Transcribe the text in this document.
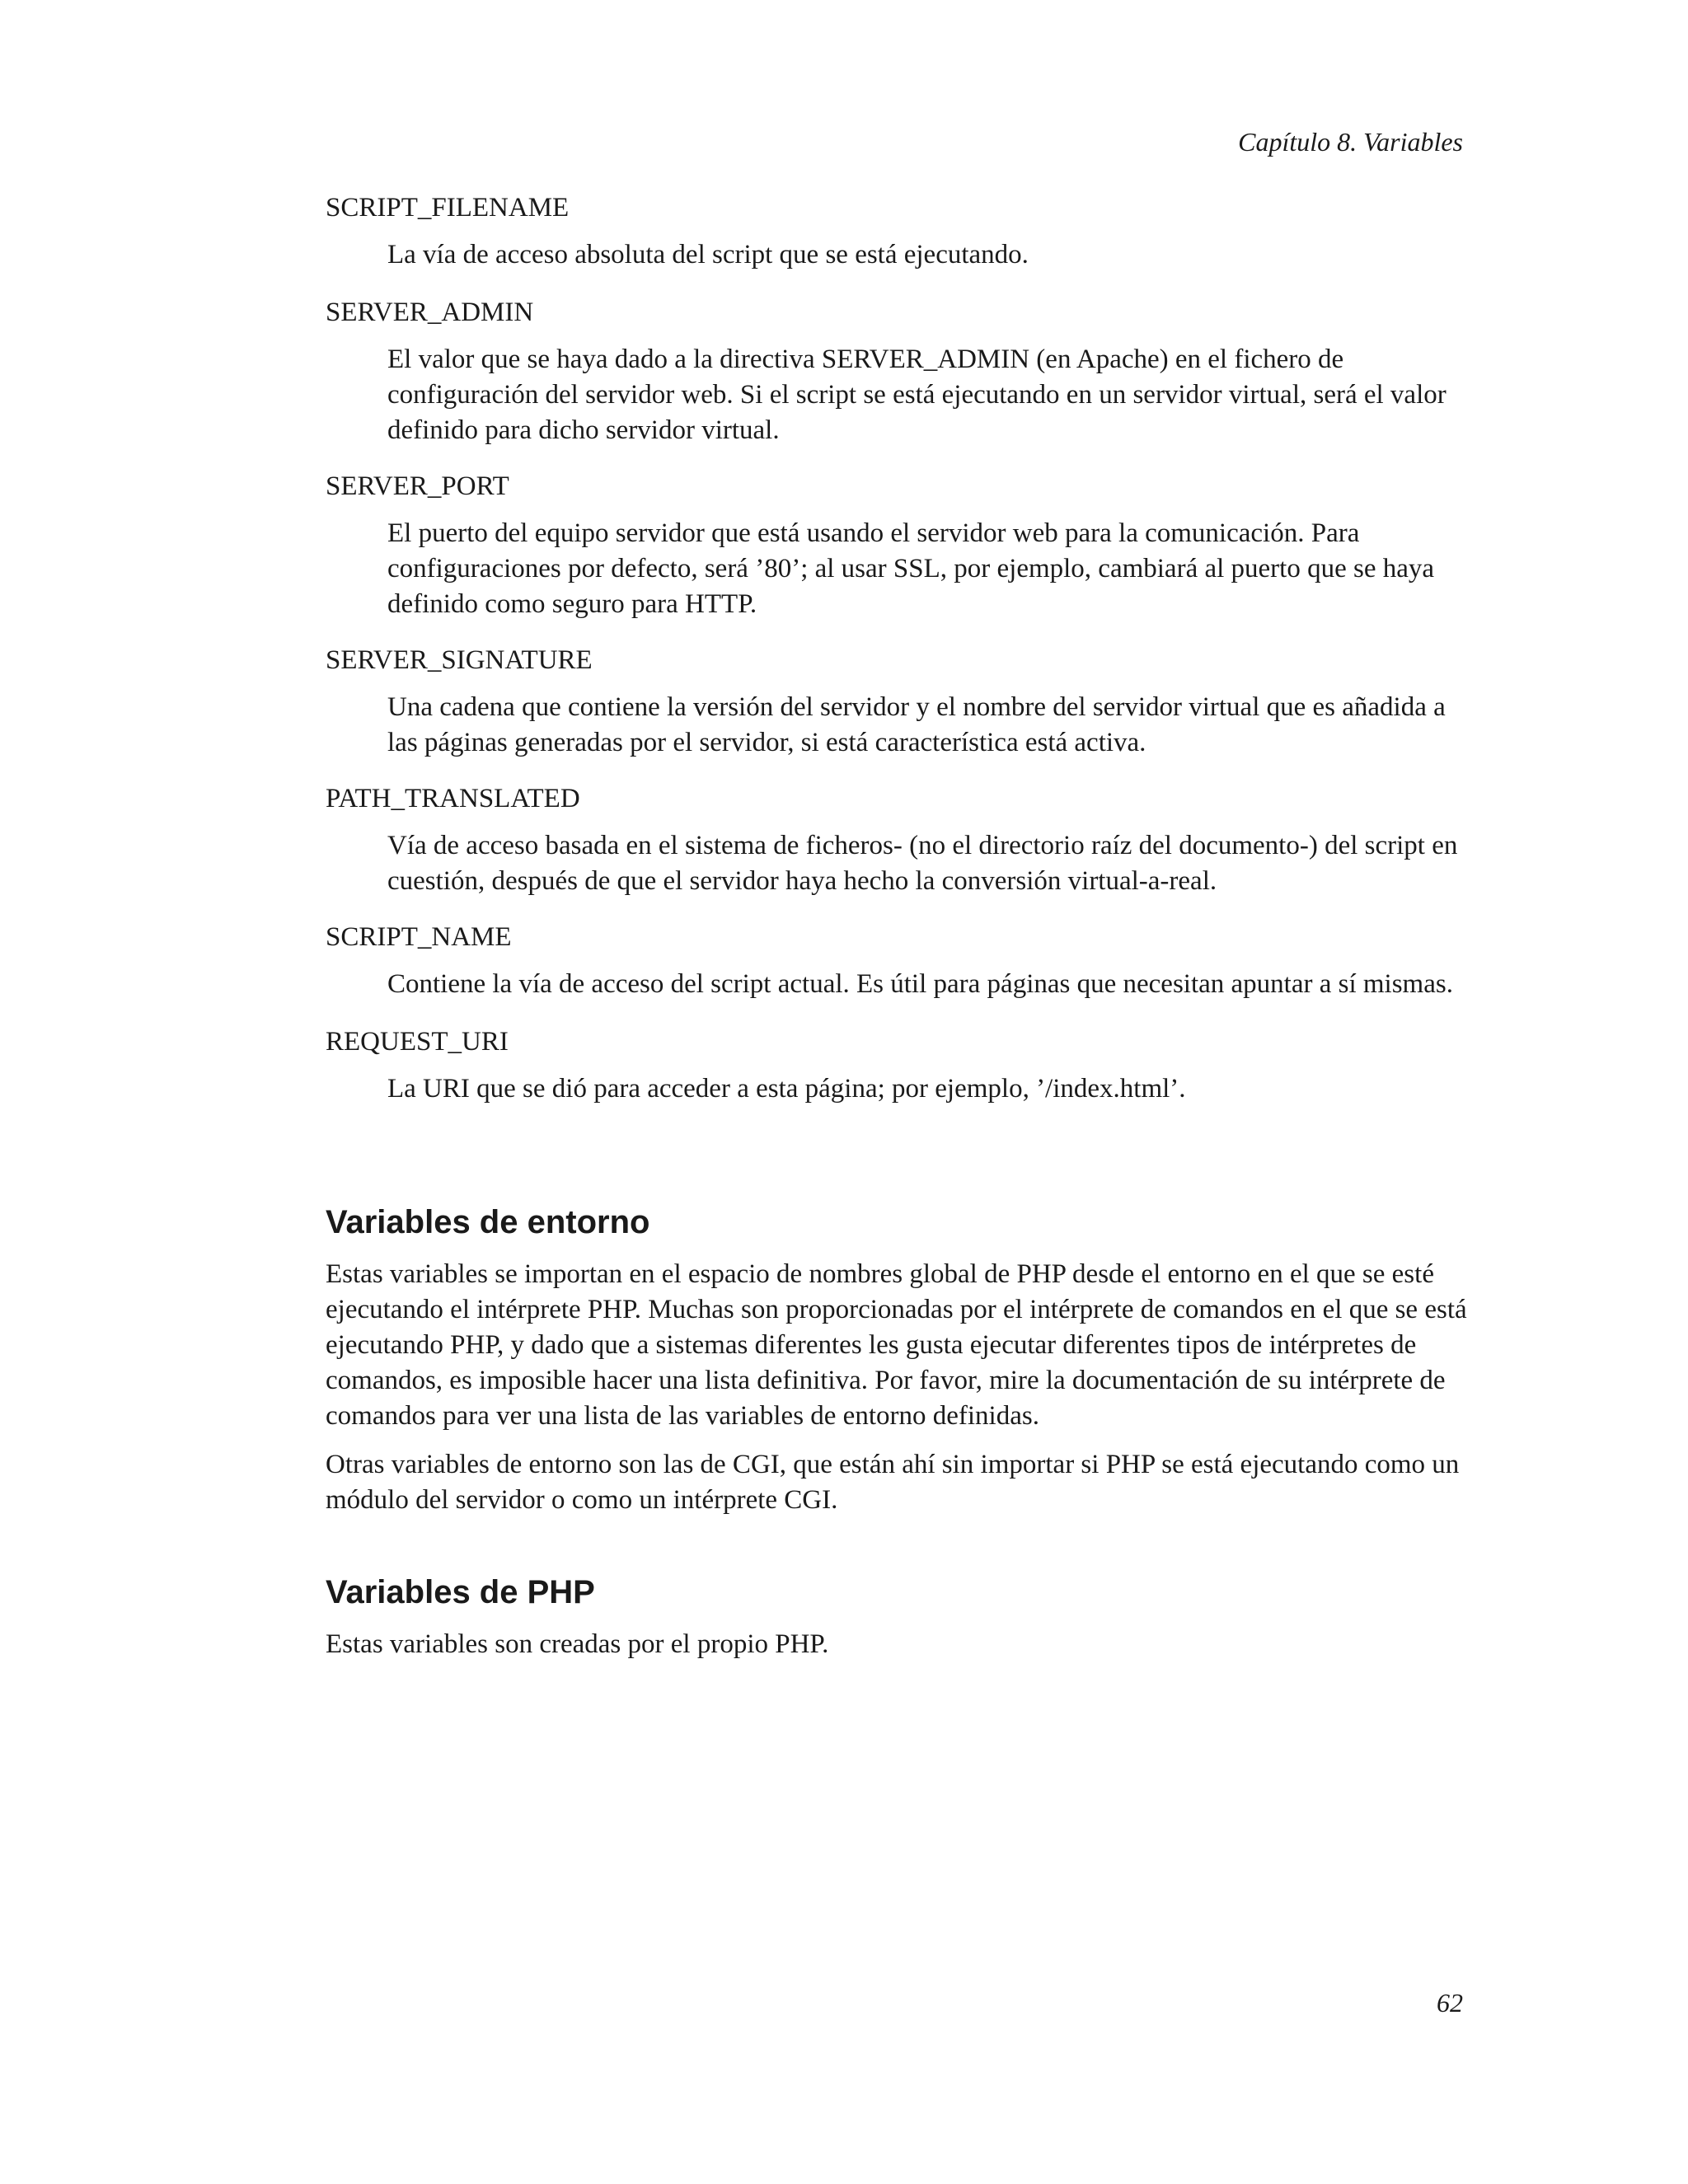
Capítulo 8. Variables

SCRIPT_FILENAME

La vía de acceso absoluta del script que se está ejecutando.

SERVER_ADMIN

El valor que se haya dado a la directiva SERVER_ADMIN (en Apache) en el fichero de configuración del servidor web. Si el script se está ejecutando en un servidor virtual, será el valor definido para dicho servidor virtual.

SERVER_PORT

El puerto del equipo servidor que está usando el servidor web para la comunicación. Para configuraciones por defecto, será ’80’; al usar SSL, por ejemplo, cambiará al puerto que se haya definido como seguro para HTTP.

SERVER_SIGNATURE

Una cadena que contiene la versión del servidor y el nombre del servidor virtual que es añadida a las páginas generadas por el servidor, si está característica está activa.

PATH_TRANSLATED

Vía de acceso basada en el sistema de ficheros- (no el directorio raíz del documento-) del script en cuestión, después de que el servidor haya hecho la conversión virtual-a-real.

SCRIPT_NAME

Contiene la vía de acceso del script actual. Es útil para páginas que necesitan apuntar a sí mismas.

REQUEST_URI

La URI que se dió para acceder a esta página; por ejemplo, ’/index.html’.

Variables de entorno

Estas variables se importan en el espacio de nombres global de PHP desde el entorno en el que se esté ejecutando el intérprete PHP. Muchas son proporcionadas por el intérprete de comandos en el que se está ejecutando PHP, y dado que a sistemas diferentes les gusta ejecutar diferentes tipos de intérpretes de comandos, es imposible hacer una lista definitiva. Por favor, mire la documentación de su intérprete de comandos para ver una lista de las variables de entorno definidas.

Otras variables de entorno son las de CGI, que están ahí sin importar si PHP se está ejecutando como un módulo del servidor o como un intérprete CGI.

Variables de PHP

Estas variables son creadas por el propio PHP.

62
